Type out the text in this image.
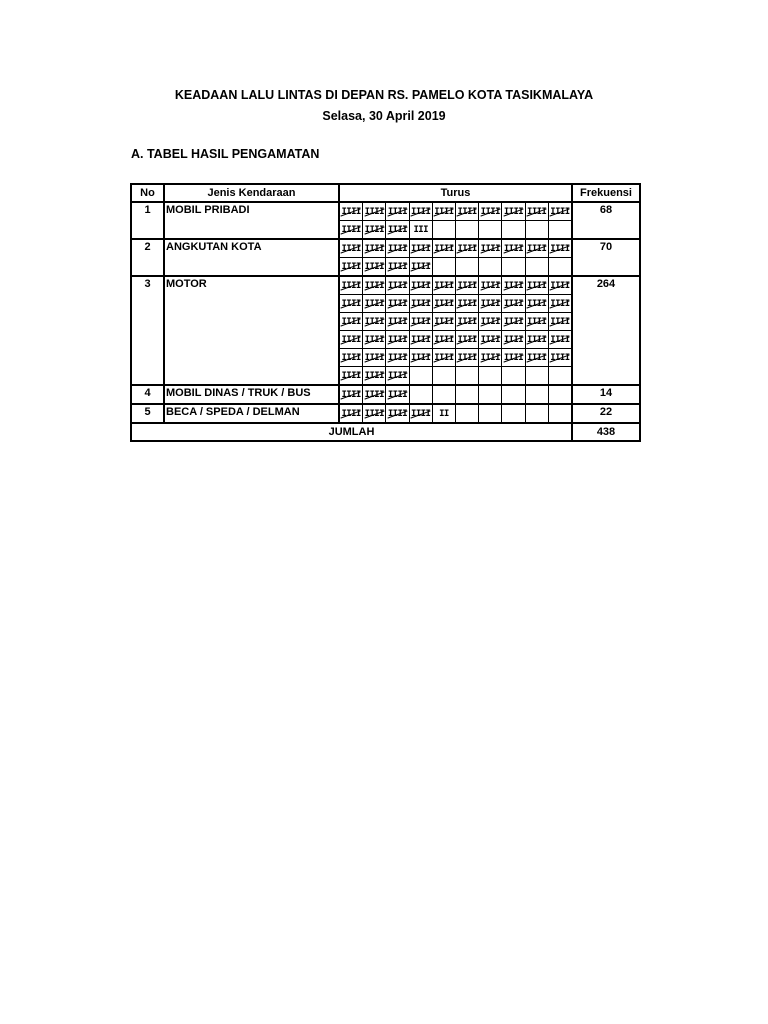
KEADAAN LALU LINTAS DI DEPAN RS. PAMELO KOTA TASIKMALAYA
Selasa, 30 April 2019
A. TABEL HASIL PENGAMATAN
No	Jenis Kendaraan	Turus	Frekuensi
1	MOBIL PRIBADI		IIII	IIII	IIII	IIII	IIII	IIII	IIII	IIII	IIII	IIII
IIII	IIII	IIII	III						
	68
2	ANGKUTAN KOTA		IIII	IIII	IIII	IIII	IIII	IIII	IIII	IIII	IIII	IIII
IIII	IIII	IIII	IIII						
	70
3	MOTOR		IIII	IIII	IIII	IIII	IIII	IIII	IIII	IIII	IIII	IIII
IIII	IIII	IIII	IIII	IIII	IIII	IIII	IIII	IIII	IIII
IIII	IIII	IIII	IIII	IIII	IIII	IIII	IIII	IIII	IIII
IIII	IIII	IIII	IIII	IIII	IIII	IIII	IIII	IIII	IIII
IIII	IIII	IIII	IIII	IIII	IIII	IIII	IIII	IIII	IIII
IIII	IIII	IIII							
	264
4	MOBIL DINAS / TRUK / BUS		IIII	IIII	IIII							
		14
5	BECA / SPEDA / DELMAN		IIII	IIII	IIII	IIII	II					
		22
JUMLAH	438
